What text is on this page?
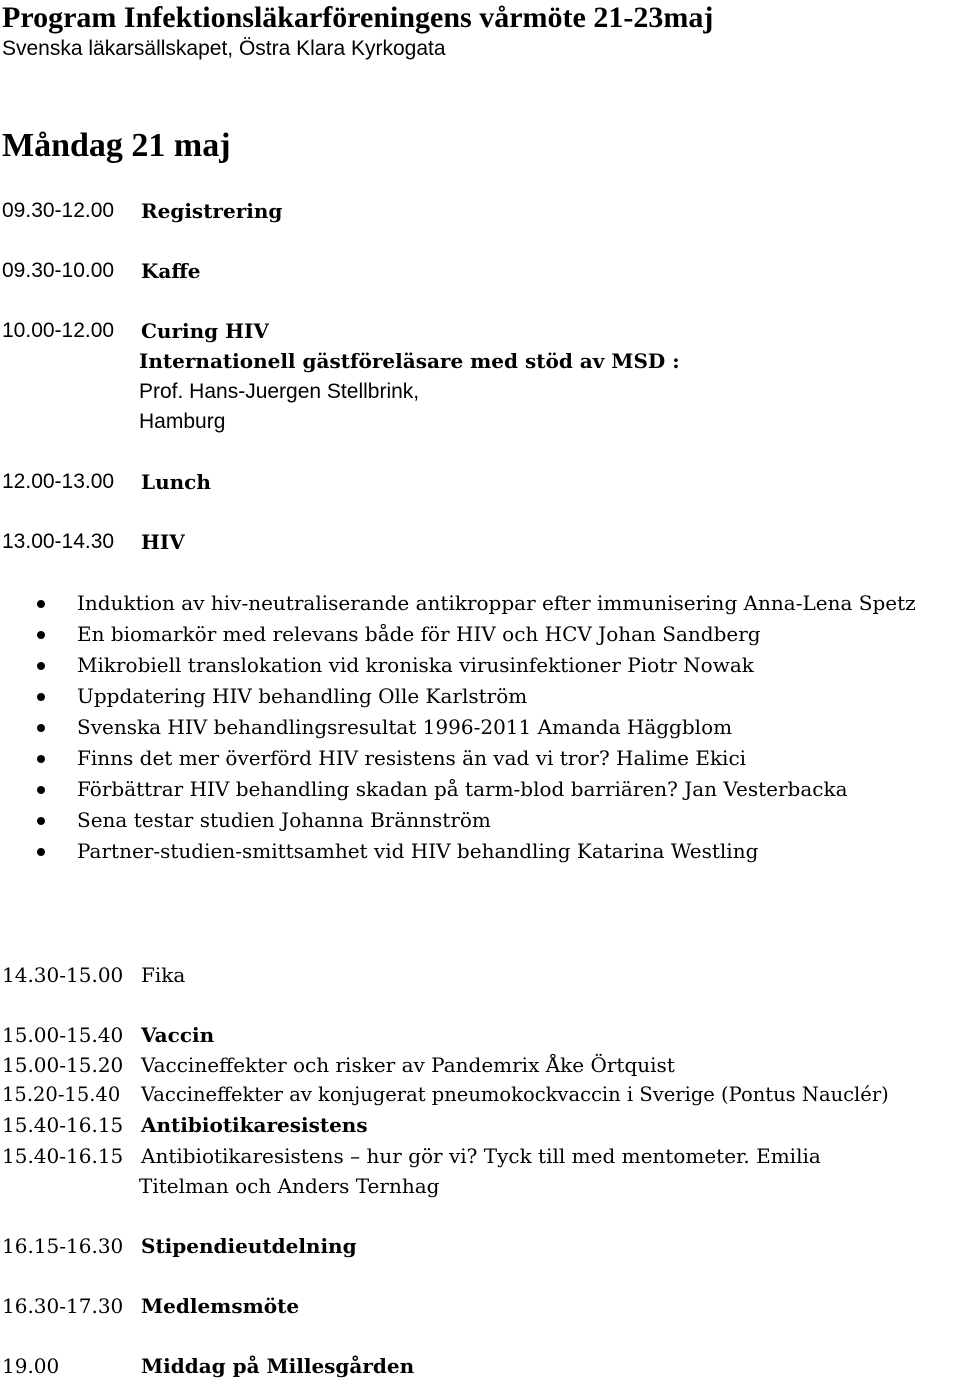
Program Infektionsläkarföreningens vårmöte 21-23maj
Svenska läkarsällskapet, Östra Klara Kyrkogata
Måndag 21 maj
09.30-12.00 Registrering
09.30-10.00 Kaffe
10.00-12.00 Curing HIV
Internationell gästföreläsare med stöd av MSD :
Prof. Hans-Juergen Stellbrink,
Hamburg
12.00-13.00 Lunch
13.00-14.30 HIV
Induktion av hiv-neutraliserande antikroppar efter immunisering Anna-Lena Spetz
En biomarkör med relevans både för HIV och HCV Johan Sandberg
Mikrobiell translokation vid kroniska virusinfektioner Piotr Nowak
Uppdatering HIV behandling Olle Karlström
Svenska HIV behandlingsresultat 1996-2011 Amanda Häggblom
Finns det mer överförd HIV resistens än vad vi tror? Halime Ekici
Förbättrar HIV behandling skadan på tarm-blod barriären? Jan Vesterbacka
Sena testar studien Johanna Brännström
Partner-studien-smittsamhet vid HIV behandling Katarina Westling
14.30-15.00 Fika
15.00-15.40 Vaccin
15.00-15.20 Vaccineffekter och risker av Pandemrix Åke Örtquist
15.20-15.40 Vaccineffekter av konjugerat pneumokockvaccin i Sverige (Pontus Nauclér)
15.40-16.15 Antibiotikaresistens
15.40-16.15 Antibiotikaresistens – hur gör vi? Tyck till med mentometer. Emilia
Titelman och Anders Ternhag
16.15-16.30 Stipendieutdelning
16.30-17.30 Medlemsmöte
19.00	Middag på Millesgården
